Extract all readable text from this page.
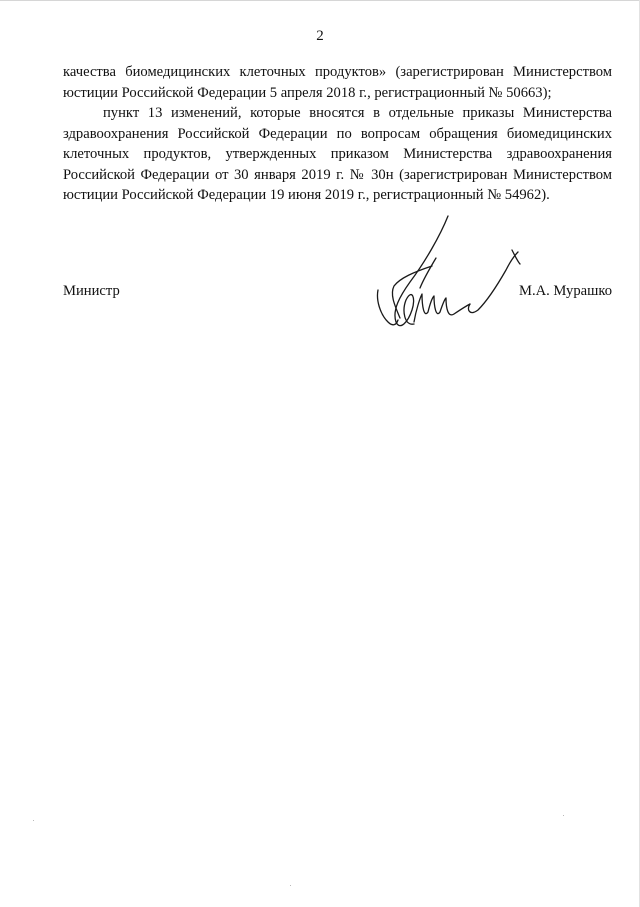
2

качества биомедицинских клеточных продуктов» (зарегистрирован Министерством юстиции Российской Федерации 5 апреля 2018 г., регистрационный № 50663);

пункт 13 изменений, которые вносятся в отдельные приказы Министерства здравоохранения Российской Федерации по вопросам обращения биомедицинских клеточных продуктов, утвержденных приказом Министерства здравоохранения Российской Федерации от 30 января 2019 г. № 30н (зарегистрирован Министерством юстиции Российской Федерации 19 июня 2019 г., регистрационный № 54962).

Министр	М.А. Мурашко
